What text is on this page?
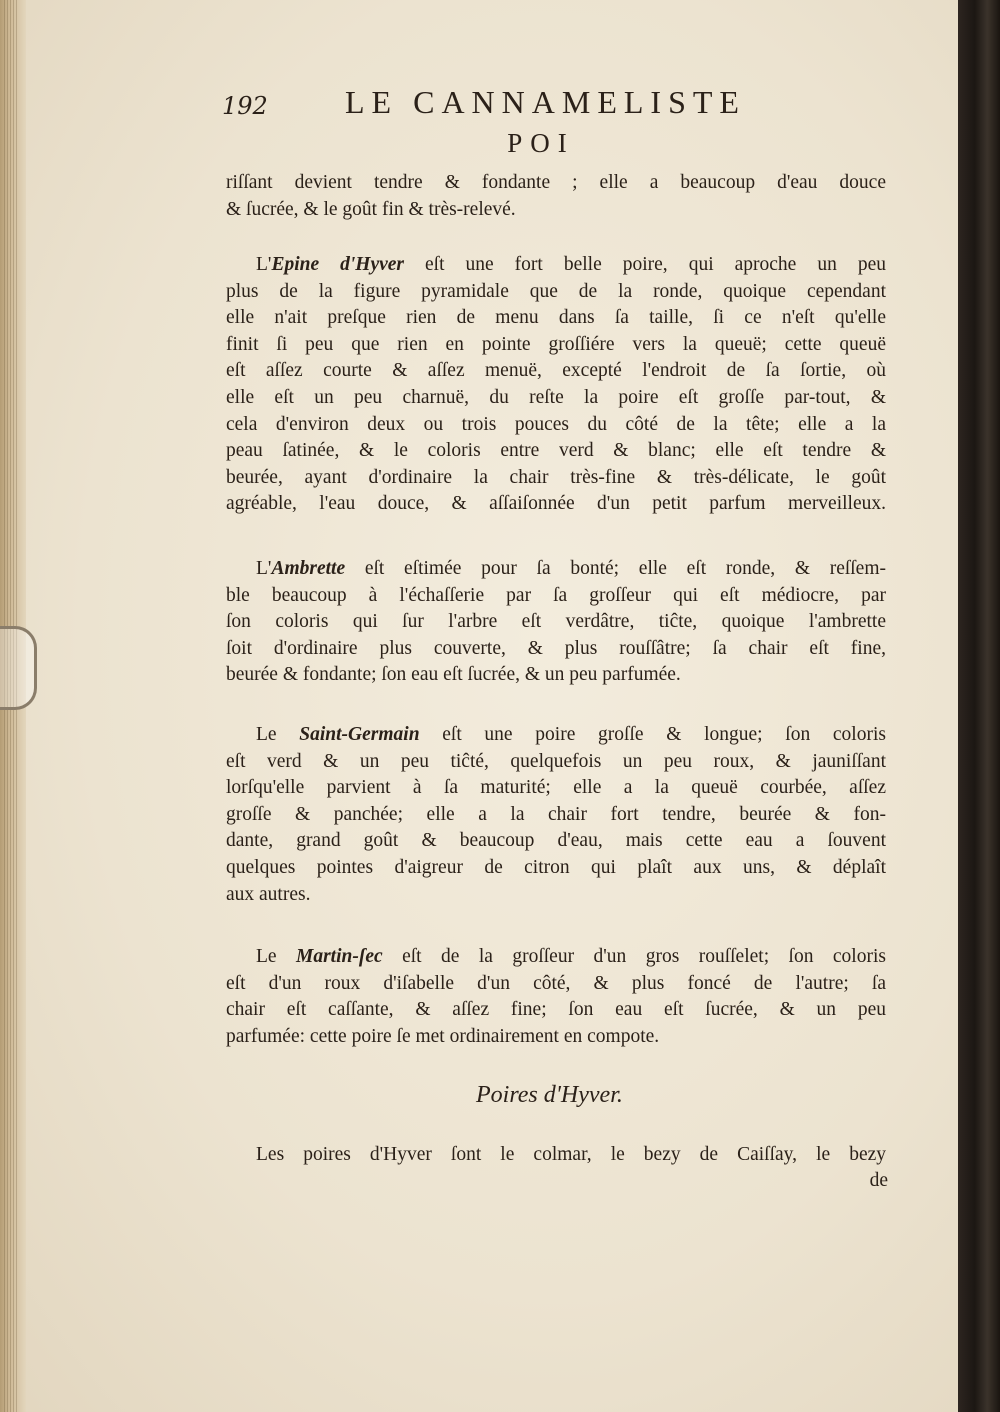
192 LE CANNAMELISTE
POI
riſſant devient tendre & fondante ; elle a beaucoup d'eau douce
& ſucrée, & le goût fin & très-relevé.
L'Epine d'Hyver eſt une fort belle poire, qui aproche un peu
plus de la figure pyramidale que de la ronde, quoique cependant
elle n'ait preſque rien de menu dans ſa taille, ſi ce n'eſt qu'elle
finit ſi peu que rien en pointe groſſiére vers la queuë; cette queuë
eſt aſſez courte & aſſez menuë, excepté l'endroit de ſa ſortie, où
elle eſt un peu charnuë, du reſte la poire eſt groſſe par-tout, &
cela d'environ deux ou trois pouces du côté de la tête; elle a la
peau ſatinée, & le coloris entre verd & blanc; elle eſt tendre &
beurée, ayant d'ordinaire la chair très-fine & très-délicate, le goût
agréable, l'eau douce, & aſſaiſonnée d'un petit parfum merveilleux.
L'Ambrette eſt eſtimée pour ſa bonté; elle eſt ronde, & reſſem-
ble beaucoup à l'échaſſerie par ſa groſſeur qui eſt médiocre, par
ſon coloris qui ſur l'arbre eſt verdâtre, tiĉte, quoique l'ambrette
ſoit d'ordinaire plus couverte, & plus rouſſâtre; ſa chair eſt fine,
beurée & fondante; ſon eau eſt ſucrée, & un peu parfumée.
Le Saint-Germain eſt une poire groſſe & longue; ſon coloris
eſt verd & un peu tiĉté, quelquefois un peu roux, & jauniſſant
lorſqu'elle parvient à ſa maturité; elle a la queuë courbée, aſſez
groſſe & panchée; elle a la chair fort tendre, beurée & fon-
dante, grand goût & beaucoup d'eau, mais cette eau a ſouvent
quelques pointes d'aigreur de citron qui plaît aux uns, & déplaît
aux autres.
Le Martin-ſec eſt de la groſſeur d'un gros rouſſelet; ſon coloris
eſt d'un roux d'iſabelle d'un côté, & plus foncé de l'autre; ſa
chair eſt caſſante, & aſſez fine; ſon eau eſt ſucrée, & un peu
parfumée: cette poire ſe met ordinairement en compote.
Poires d'Hyver.
Les poires d'Hyver ſont le colmar, le bezy de Caiſſay, le bezy
de
